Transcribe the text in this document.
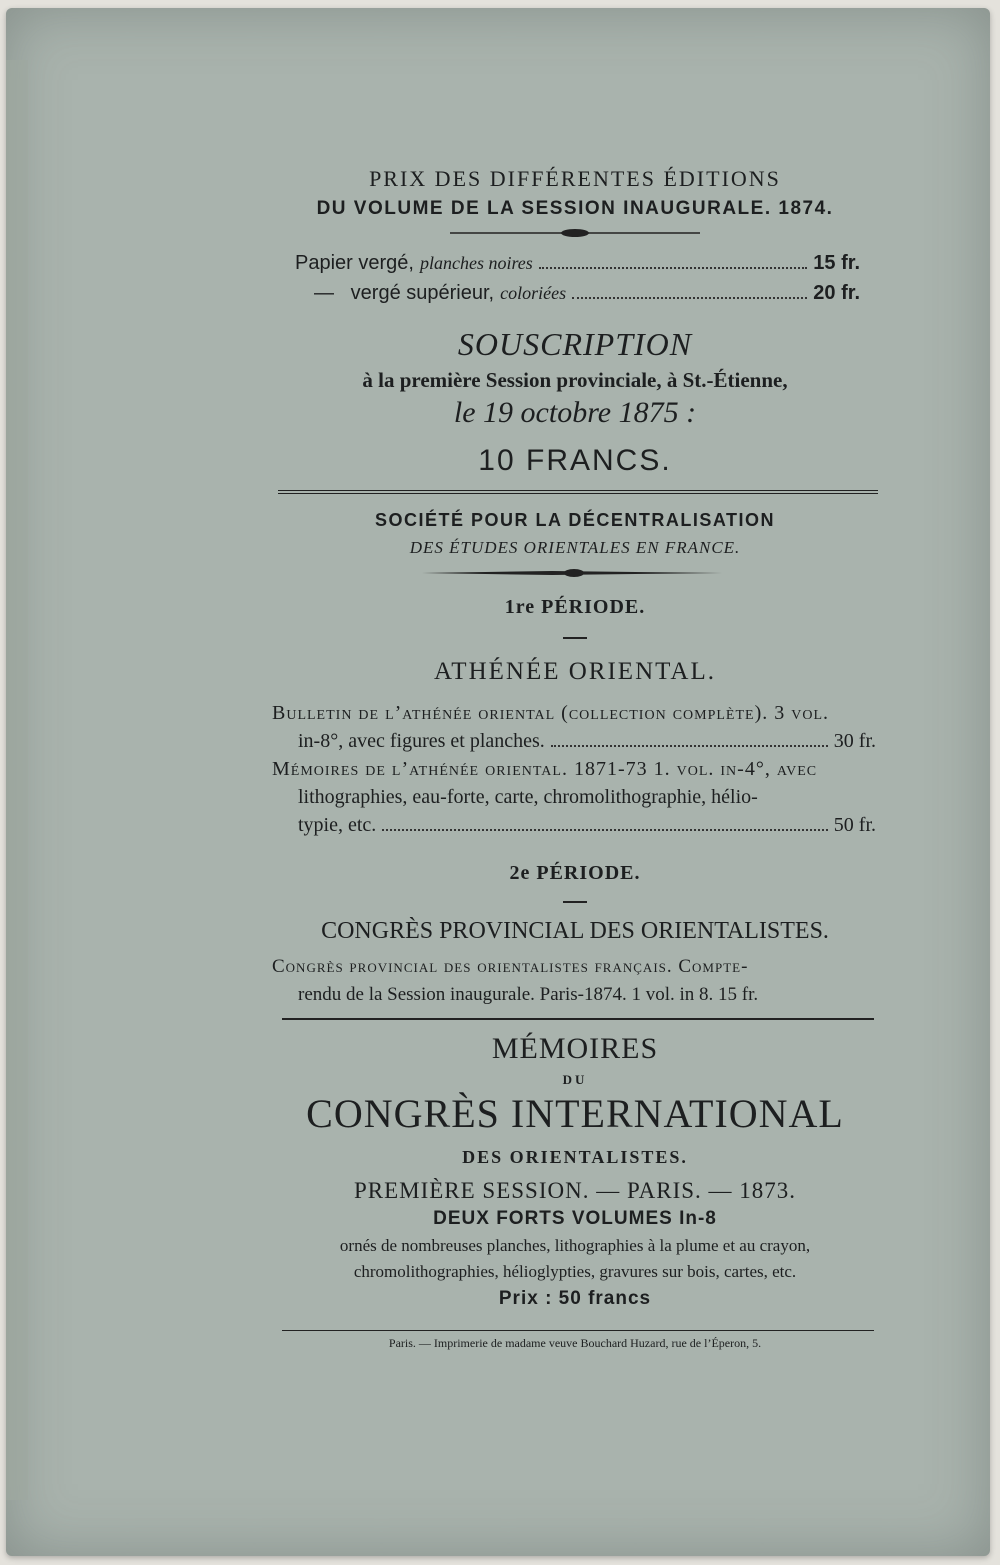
PRIX DES DIFFÉRENTES ÉDITIONS
DU VOLUME DE LA SESSION INAUGURALE. 1874.
Papier vergé, planches noires	15 fr.
—   vergé supérieur, coloriées	20 fr.
SOUSCRIPTION
à la première Session provinciale, à St.-Étienne,
le 19 octobre 1875 :
10 FRANCS.
SOCIÉTÉ POUR LA DÉCENTRALISATION
DES ÉTUDES ORIENTALES EN FRANCE.
1re PÉRIODE.
ATHÉNÉE ORIENTAL.
Bulletin de l’athénée oriental (collection complète). 3 vol.
in-8°, avec figures et planches.	30 fr.
Mémoires de l’athénée oriental. 1871-73 1. vol. in-4°, avec
lithographies, eau-forte, carte, chromolithographie, hélio-
typie, etc.	50 fr.
2e PÉRIODE.
CONGRÈS PROVINCIAL DES ORIENTALISTES.
Congrès provincial des orientalistes français. Compte-
rendu de la Session inaugurale. Paris-1874. 1 vol. in 8. 15 fr.
MÉMOIRES
DU
CONGRÈS INTERNATIONAL
DES ORIENTALISTES.
PREMIÈRE SESSION. — PARIS. — 1873.
DEUX FORTS VOLUMES In-8
ornés de nombreuses planches, lithographies à la plume et au crayon,
chromolithographies, hélioglypties, gravures sur bois, cartes, etc.
Prix : 50 francs
Paris. — Imprimerie de madame veuve Bouchard Huzard, rue de l’Éperon, 5.
